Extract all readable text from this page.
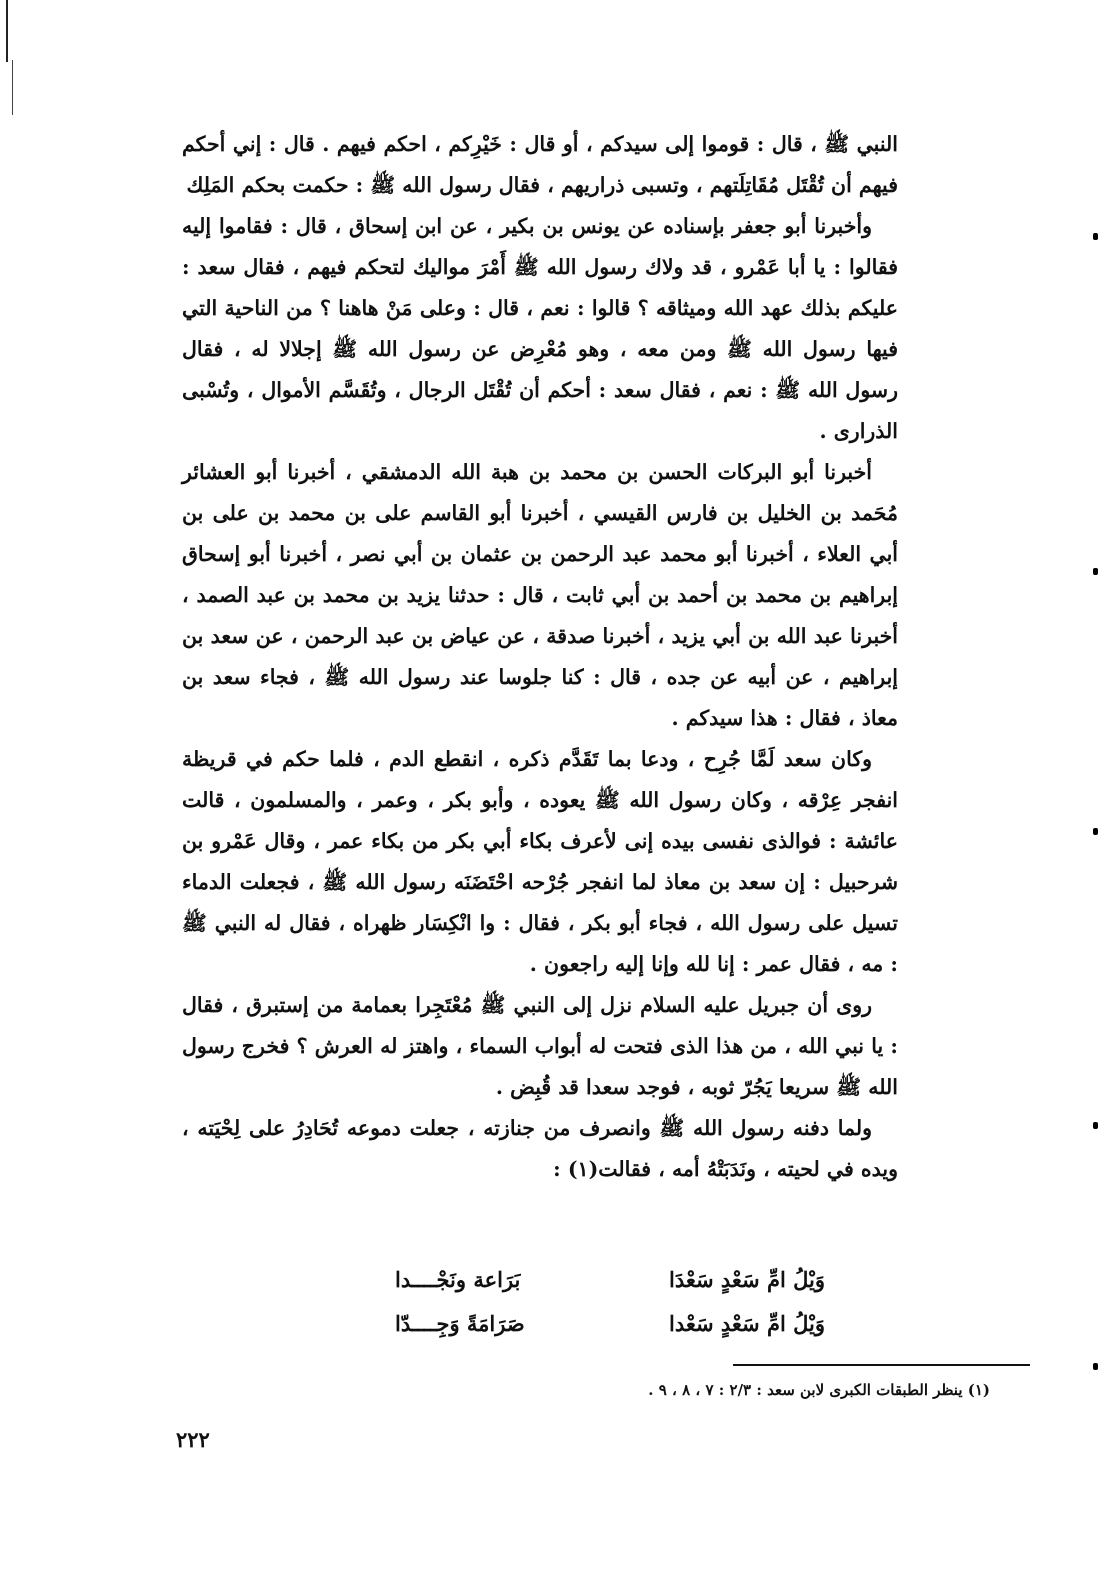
النبي ﷺ ، قال : قوموا إلى سيدكم ، أو قال : خَيْرِكم ، احكم فيهم . قال : إني أحكم فيهم أن تُقْتَل مُقَاتِلَتهم ، وتسبى ذراريهم ، فقال رسول الله ﷺ : حكمت بحكم المَلِك

وأخبرنا أبو جعفر بإسناده عن يونس بن بكير ، عن ابن إسحاق ، قال : فقاموا إليه فقالوا : يا أبا عَمْرو ، قد ولاك رسول الله ﷺ أَمْرَ مواليك لتحكم فيهم ، فقال سعد : عليكم بذلك عهد الله وميثاقه ؟ قالوا : نعم ، قال : وعلى مَنْ هاهنا ؟ من الناحية التي فيها رسول الله ﷺ ومن معه ، وهو مُعْرِض عن رسول الله ﷺ إجلالا له ، فقال رسول الله ﷺ : نعم ، فقال سعد : أحكم أن تُقْتَل الرجال ، وتُقَسَّم الأموال ، وتُسْبى الذرارى .

أخبرنا أبو البركات الحسن بن محمد بن هبة الله الدمشقي ، أخبرنا أبو العشائر مُحَمد بن الخليل بن فارس القيسي ، أخبرنا أبو القاسم على بن محمد بن على بن أبي العلاء ، أخبرنا أبو محمد عبد الرحمن بن عثمان بن أبي نصر ، أخبرنا أبو إسحاق إبراهيم بن محمد بن أحمد بن أبي ثابت ، قال : حدثنا يزيد بن محمد بن عبد الصمد ، أخبرنا عبد الله بن أبي يزيد ، أخبرنا صدقة ، عن عياض بن عبد الرحمن ، عن سعد بن إبراهيم ، عن أبيه عن جده ، قال : كنا جلوسا عند رسول الله ﷺ ، فجاء سعد بن معاذ ، فقال : هذا سيدكم .

وكان سعد لَمَّا جُرِح ، ودعا بما تَقَدَّم ذكره ، انقطع الدم ، فلما حكم في قريظة انفجر عِرْقه ، وكان رسول الله ﷺ يعوده ، وأبو بكر ، وعمر ، والمسلمون ، قالت عائشة : فوالذى نفسى بيده إنى لأعرف بكاء أبي بكر من بكاء عمر ، وقال عَمْرو بن شرحبيل : إن سعد بن معاذ لما انفجر جُرْحه احْتَضَنَه رسول الله ﷺ ، فجعلت الدماء تسيل على رسول الله ، فجاء أبو بكر ، فقال : وا انْكِسَار ظهراه ، فقال له النبي ﷺ : مه ، فقال عمر : إنا لله وإنا إليه راجعون .

روى أن جبريل عليه السلام نزل إلى النبي ﷺ مُعْتَجِرا بعمامة من إستبرق ، فقال : يا نبي الله ، من هذا الذى فتحت له أبواب السماء ، واهتز له العرش ؟ فخرج رسول الله ﷺ سريعا يَجُرّ ثوبه ، فوجد سعدا قد قُبِض .

ولما دفنه رسول الله ﷺ وانصرف من جنازته ، جعلت دموعه تُحَادِرُ على لِحْيَته ، ويده في لحيته ، ونَدَبَتْهُ أمه ، فقالت(١) :

وَيْلُ امِّ سَعْدٍ سَعْدَا
بَرَاعة ونَجْــــدا
وَيْلُ امِّ سَعْدٍ سَعْدا
صَرَامَةً وَجِــــدّا
(١) ينظر الطبقات الكبرى لابن سعد : ٢/٣ : ٧ ، ٨ ، ٩ .
٢٢٢
